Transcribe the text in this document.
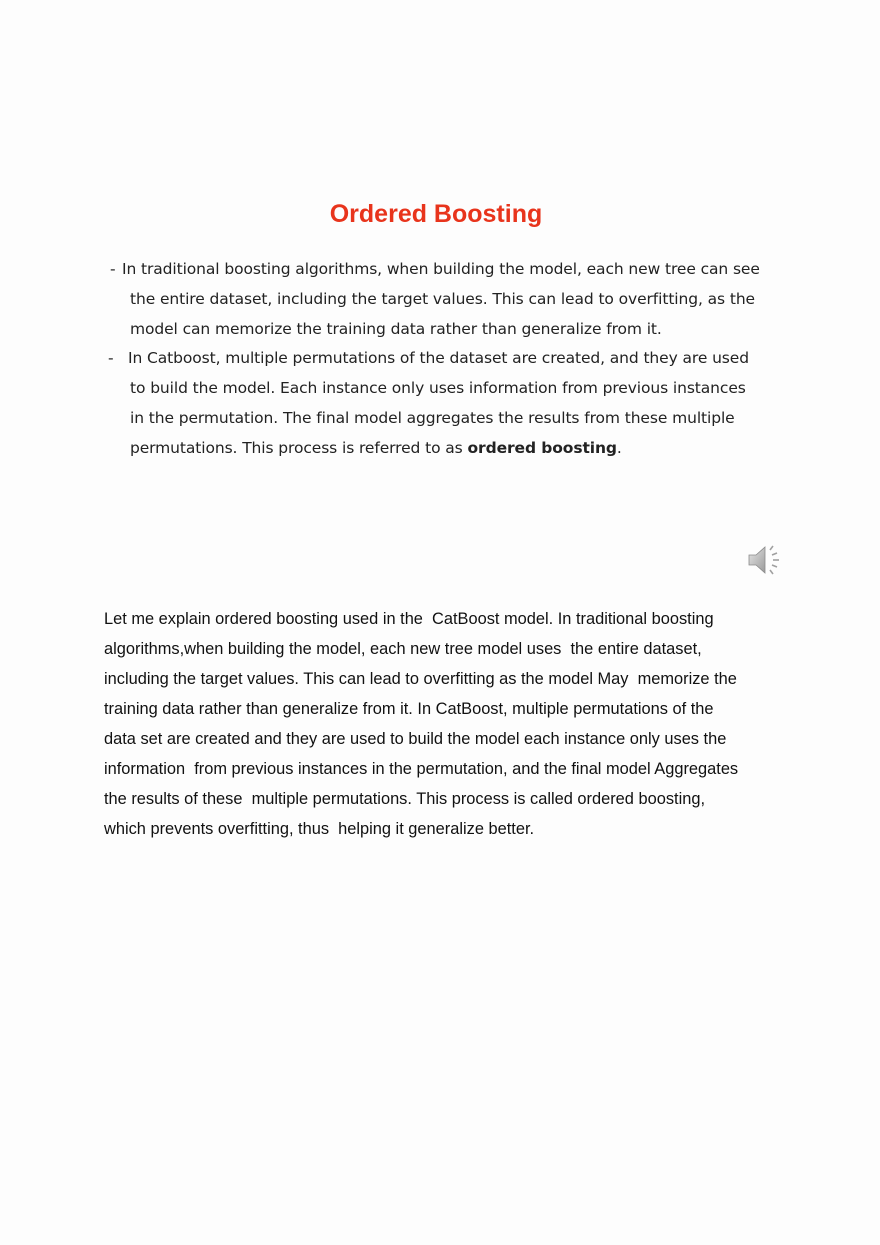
Ordered Boosting
- In traditional boosting algorithms, when building the model, each new tree can see
the entire dataset, including the target values. This can lead to overfitting, as the
model can memorize the training data rather than generalize from it.
- In Catboost, multiple permutations of the dataset are created, and they are used
to build the model. Each instance only uses information from previous instances
in the permutation. The final model aggregates the results from these multiple
permutations. This process is referred to as ordered boosting.
Let me explain ordered boosting used in the  CatBoost model. In traditional boosting
algorithms,when building the model, each new tree model uses  the entire dataset,
including the target values. This can lead to overfitting as the model May  memorize the
training data rather than generalize from it. In CatBoost, multiple permutations of the
data set are created and they are used to build the model each instance only uses the
information  from previous instances in the permutation, and the final model Aggregates
the results of these  multiple permutations. This process is called ordered boosting,
which prevents overfitting, thus  helping it generalize better.
